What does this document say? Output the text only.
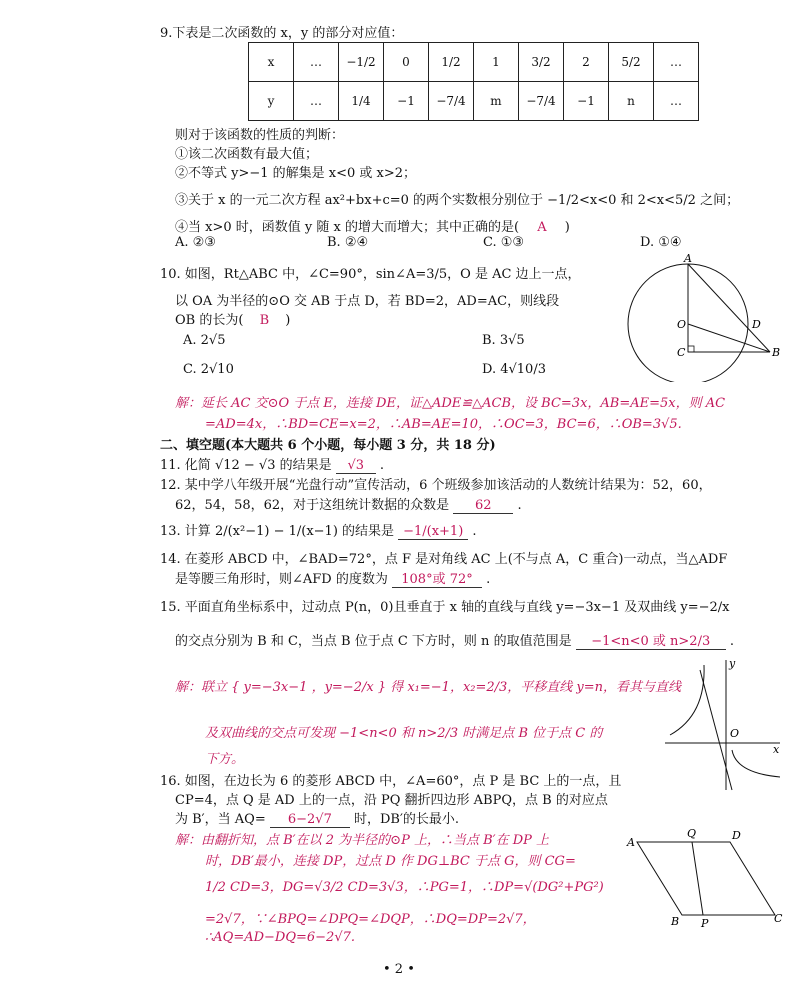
9.下表是二次函数的 x，y 的部分对应值：
x	…	−1/2	0	1/2	1	3/2	2	5/2	…
y	…	1/4	−1	−7/4	m	−7/4	−1	n	…
则对于该函数的性质的判断：
①该二次函数有最大值；
②不等式 y>−1 的解集是 x<0 或 x>2；
③关于 x 的一元二次方程 ax²+bx+c=0 的两个实数根分别位于 −1/2<x<0 和 2<x<5/2 之间；
④当 x>0 时，函数值 y 随 x 的增大而增大；其中正确的是( A )
A. ②③	B. ②④	C. ①③	D. ①④
10. 如图，Rt△ABC 中，∠C=90°，sin∠A=3/5，O 是 AC 边上一点，
以 OA 为半径的⊙O 交 AB 于点 D，若 BD=2，AD=AC，则线段
OB 的长为( B )
A. 2√5	B. 3√5
C. 2√10	D. 4√10/3
A
O	D
C	B
解：延长 AC 交⊙O 于点 E，连接 DE，证△ADE≌△ACB，设 BC=3x，AB=AE=5x，则 AC
=AD=4x，∴BD=CE=x=2，∴AB=AE=10，∴OC=3，BC=6，∴OB=3√5.
二、填空题(本大题共 6 个小题，每小题 3 分，共 18 分)
11. 化简 √12 − √3 的结果是 √3 .
12. 某中学八年级开展“光盘行动”宣传活动，6 个班级参加该活动的人数统计结果为：52，60，
62，54，58，62，对于这组统计数据的众数是 62 .
13. 计算 2/(x²−1) − 1/(x−1) 的结果是 −1/(x+1) .
14. 在菱形 ABCD 中，∠BAD=72°，点 F 是对角线 AC 上(不与点 A，C 重合)一动点，当△ADF
是等腰三角形时，则∠AFD 的度数为 108°或 72° .
15. 平面直角坐标系中，过动点 P(n，0)且垂直于 x 轴的直线与直线 y=−3x−1 及双曲线 y=−2/x
的交点分别为 B 和 C，当点 B 位于点 C 下方时，则 n 的取值范围是 −1<n<0 或 n>2/3 .
解：联立 { y=−3x−1 ，y=−2/x } 得 x₁=−1，x₂=2/3，平移直线 y=n，看其与直线
及双曲线的交点可发现 −1<n<0 和 n>2/3 时满足点 B 位于点 C 的
下方。
y
x
O
16. 如图，在边长为 6 的菱形 ABCD 中，∠A=60°，点 P 是 BC 上的一点，且
CP=4，点 Q 是 AD 上的一点，沿 PQ 翻折四边形 ABPQ，点 B 的对应点
为 B′，当 AQ= 6−2√7 时，DB′的长最小.
解：由翻折知，点 B′在以 2 为半径的⊙P 上，∴当点 B′在 DP 上
时，DB′最小，连接 DP，过点 D 作 DG⊥BC 于点 G，则 CG=
1/2 CD=3，DG=√3/2 CD=3√3，∴PG=1，∴DP=√(DG²+PG²)
=2√7，∵∠BPQ=∠DPQ=∠DQP，∴DQ=DP=2√7，
∴AQ=AD−DQ=6−2√7.
A
Q	D
B P	C
• 2 •
